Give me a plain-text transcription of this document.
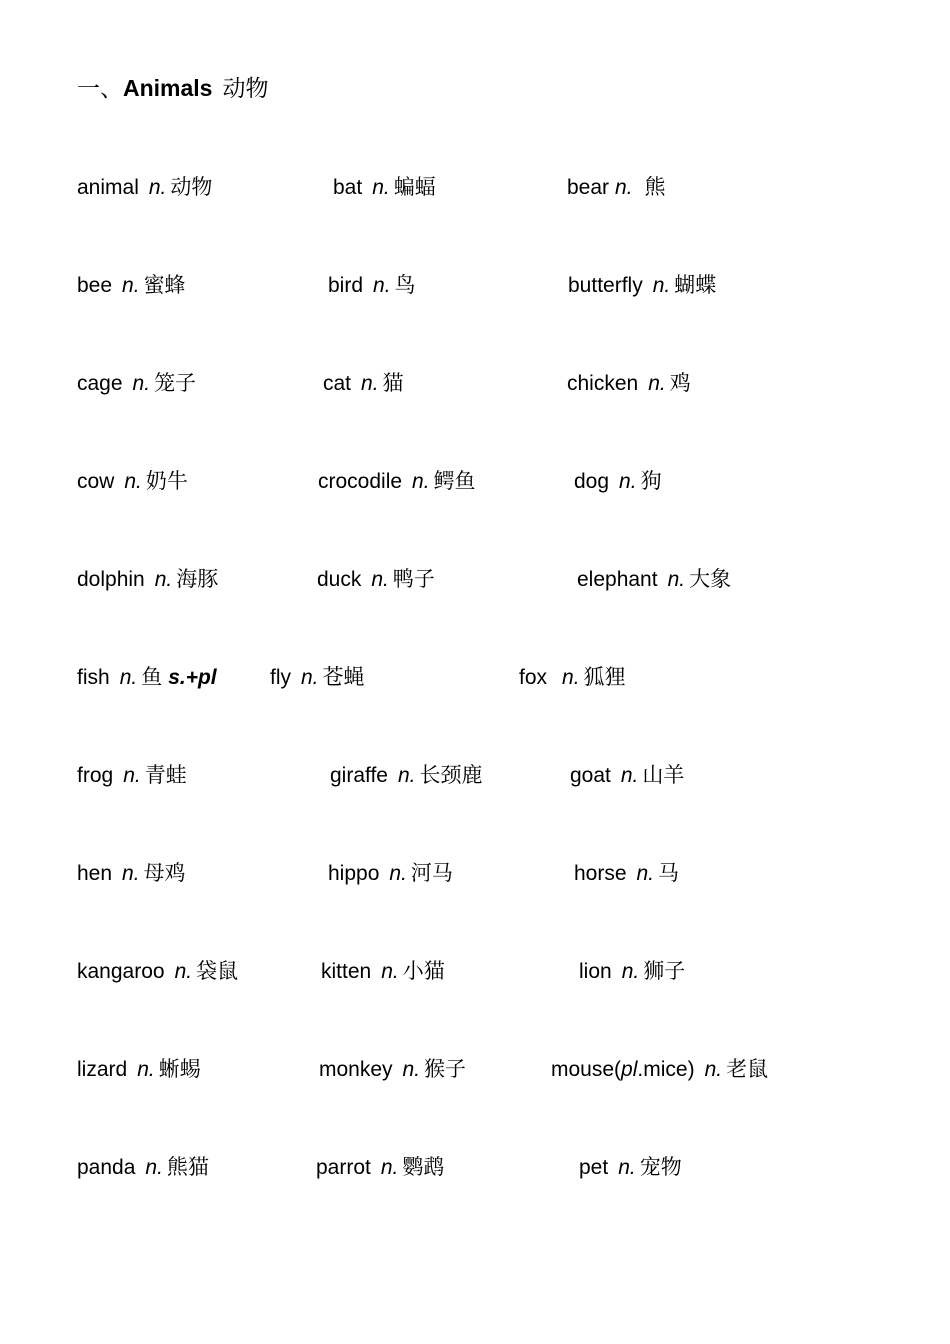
一、Animals 动物
animal n. 动物	bat n. 蝙蝠	bear n. 熊
bee n. 蜜蜂	bird n. 鸟	butterfly n. 蝴蝶
cage n. 笼子	cat n. 猫	chicken n. 鸡
cow n. 奶牛	crocodile n. 鳄鱼	dog n. 狗
dolphin n. 海豚	duck n. 鸭子	elephant n. 大象
fish n. 鱼 s.+pl	fly n. 苍蝇	fox n. 狐狸
frog n. 青蛙	giraffe n. 长颈鹿	goat n. 山羊
hen n. 母鸡	hippo n. 河马	horse n. 马
kangaroo n. 袋鼠	kitten n. 小猫	lion n. 狮子
lizard n. 蜥蜴	monkey n. 猴子	mouse(pl.mice) n. 老鼠
panda n. 熊猫	parrot n. 鹦鹉	pet n. 宠物
